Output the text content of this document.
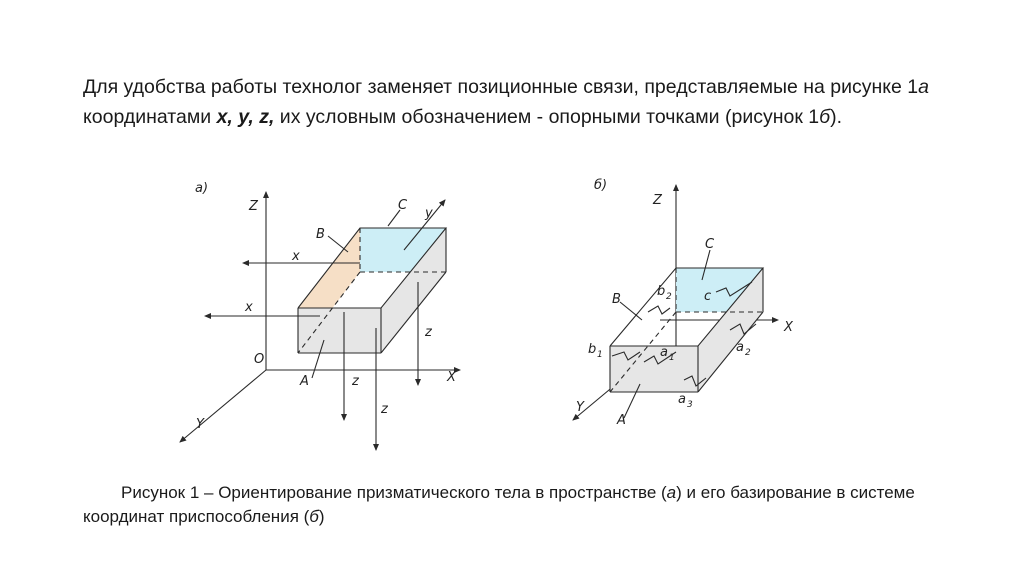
Для удобства работы технолог заменяет позиционные связи, представляемые на рисунке 1а координатами x, y, z, их условным обозначением - опорными точками (рисунок 1б).
а)
Z
X
Y
O
B
C
A
x
x
y
z
z
z
б)
Z
X
Y
B
C
A
c
b 2
b 1	a 1
a 2
a 3
Рисунок 1 – Ориентирование призматического тела в пространстве (а) и его базирование в системе координат приспособления (б)
